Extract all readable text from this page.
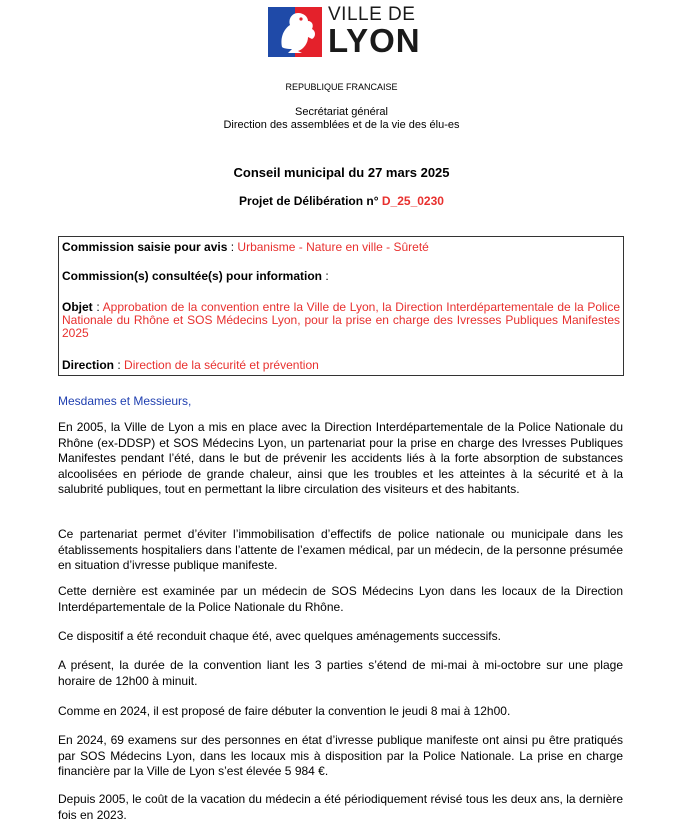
VILLE DE
LYON
REPUBLIQUE FRANCAISE
Secrétariat général
Direction des assemblées et de la vie des élu-es
Conseil municipal du 27 mars 2025
Projet de Délibération n° D_25_0230
Commission saisie pour avis : Urbanisme - Nature en ville - Sûreté
Commission(s) consultée(s) pour information :
Objet : Approbation de la convention entre la Ville de Lyon, la Direction Interdépartementale de la Police Nationale du Rhône et SOS Médecins Lyon, pour la prise en charge des Ivresses Publiques Manifestes 2025
Direction : Direction de la sécurité et prévention
Mesdames et Messieurs,
En 2005, la Ville de Lyon a mis en place avec la Direction Interdépartementale de la Police Nationale du Rhône (ex-DDSP) et SOS Médecins Lyon, un partenariat pour la prise en charge des Ivresses Publiques Manifestes pendant l’été, dans le but de prévenir les accidents liés à la forte absorption de substances alcoolisées en période de grande chaleur, ainsi que les troubles et les atteintes à la sécurité et à la salubrité publiques, tout en permettant la libre circulation des visiteurs et des habitants.
Ce partenariat permet d’éviter l’immobilisation d’effectifs de police nationale ou municipale dans les établissements hospitaliers dans l’attente de l’examen médical, par un médecin, de la personne présumée en situation d’ivresse publique manifeste.
Cette dernière est examinée par un médecin de SOS Médecins Lyon dans les locaux de la Direction Interdépartementale de la Police Nationale du Rhône.
Ce dispositif a été reconduit chaque été, avec quelques aménagements successifs.
A présent, la durée de la convention liant les 3 parties s’étend de mi-mai à mi-octobre sur une plage horaire de 12h00 à minuit.
Comme en 2024, il est proposé de faire débuter la convention le jeudi 8 mai à 12h00.
En 2024, 69 examens sur des personnes en état d’ivresse publique manifeste ont ainsi pu être pratiqués par SOS Médecins Lyon, dans les locaux mis à disposition par la Police Nationale. La prise en charge financière par la Ville de Lyon s’est élevée 5 984 €.
Depuis 2005, le coût de la vacation du médecin a été périodiquement révisé tous les deux ans, la dernière fois en 2023.
